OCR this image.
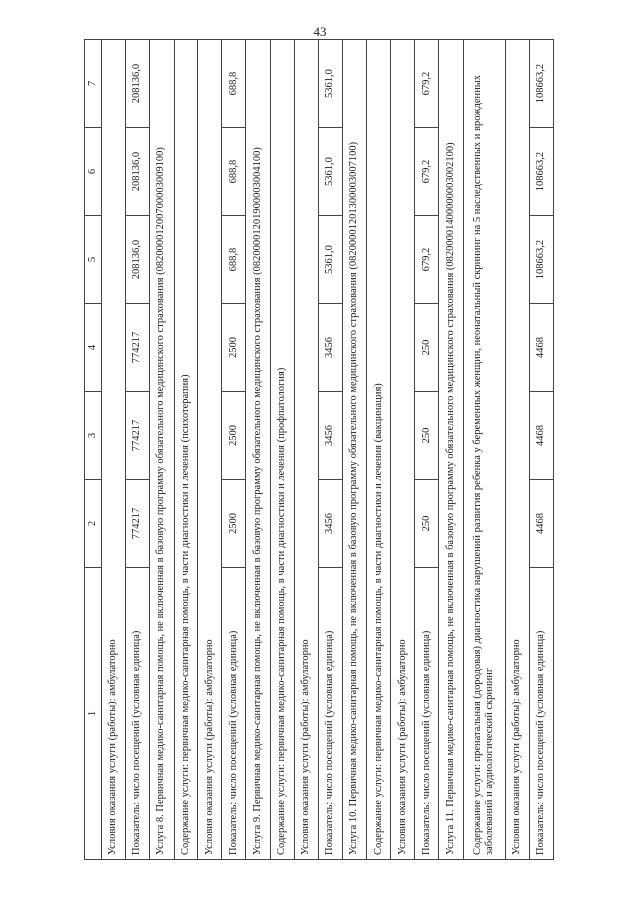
43
1	2	3	4	5	6	7
Условия оказания услуги (работы): амбулаторно						
Показатель: число посещений (условная единица)	774217	774217	774217	208136,0	208136,0	208136,0
Услуга 8. Первичная медико-санитарная помощь, не включенная в базовую программу обязательного медицинского страхования (08200001200700003009100)						
Содержание услуги: первичная медико-санитарная помощь, в части диагностики и лечения (психотерапия)						
Условия оказания услуги (работы): амбулаторно						
Показатель: число посещений (условная единица)	2500	2500	2500	688,8	688,8	688,8
Услуга 9. Первичная медико-санитарная помощь, не включенная в базовую программу обязательного медицинского страхования (08200001201900003004100)						
Содержание услуги: первичная медико-санитарная помощь, в части диагностики и лечения (профпатология)						
Условия оказания услуги (работы): амбулаторно						
Показатель: число посещений (условная единица)	3456	3456	3456	5361,0	5361,0	5361,0
Услуга 10. Первичная медико-санитарная помощь, не включенная в базовую программу обязательного медицинского страхования (08200001201300003007100)						
Содержание услуги: первичная медико-санитарная помощь, в части диагностики и лечения (вакцинация)						
Условия оказания услуги (работы): амбулаторно						
Показатель: число посещений (условная единица)	250	250	250	679,2	679,2	679,2
Услуга 11. Первичная медико-санитарная помощь, не включенная в базовую программу обязательного медицинского страхования (08200001400000003002100)						
Содержание услуги: пренатальная (дородовая) диагностика нарушений развития ребенка у беременных женщин, неонатальный скрининг на 5 наследственных и врожденных заболеваний и аудиологический скрининг						
Условия оказания услуги (работы): амбулаторно						
Показатель: число посещений (условная единица)	4468	4468	4468	108663,2	108663,2	108663,2
